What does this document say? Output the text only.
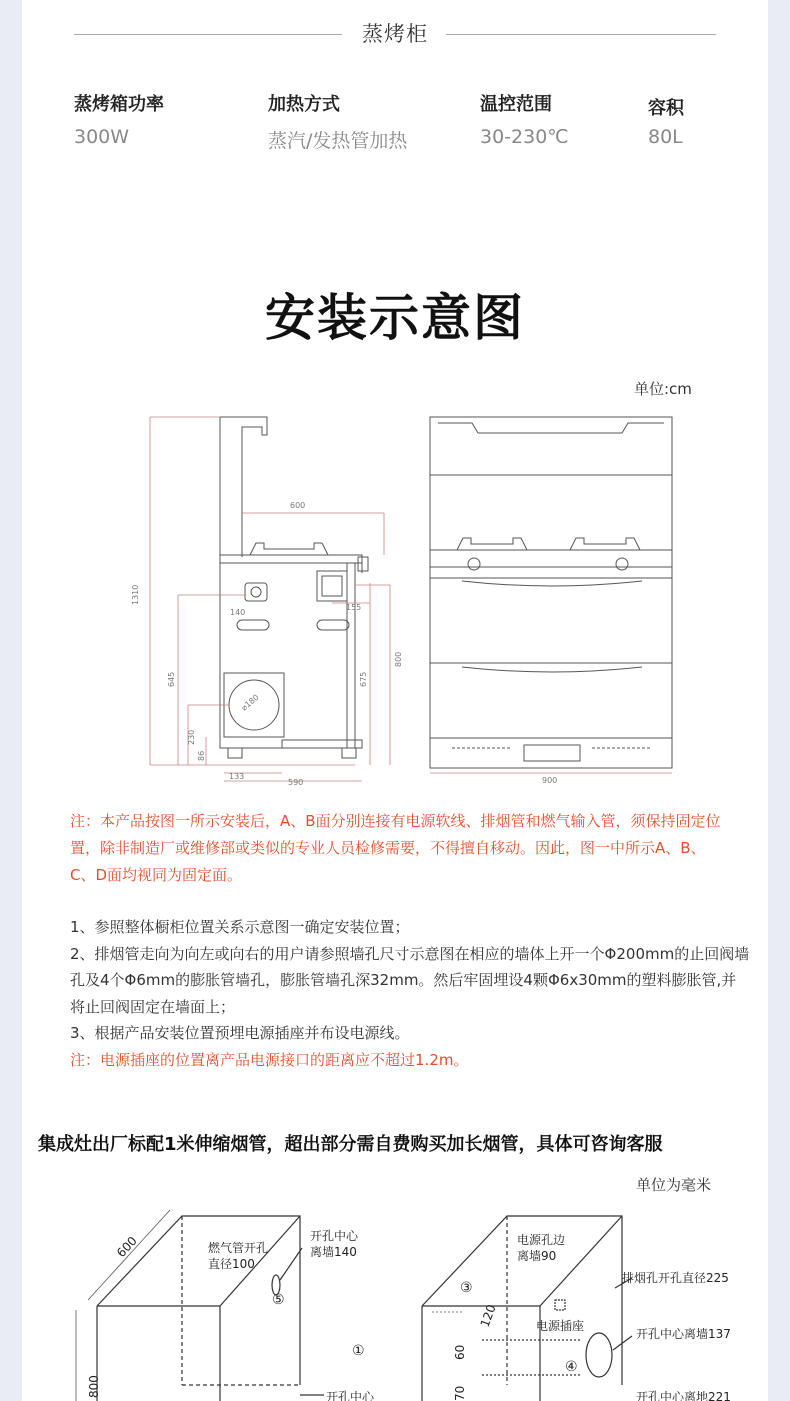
蒸烤柜
蒸烤箱功率
300W
加热方式
蒸汽/发热管加热
温控范围
30-230℃
容积
80L
安装示意图
单位:cm
1310
600
140
155
645	675
800
⌀180
230
86
133
590	900
注：本产品按图一所示安装后，A、B面分别连接有电源软线、排烟管和燃气输入管，须保持固定位置，除非制造厂或维修部或类似的专业人员检修需要，不得擅自移动。因此，图一中所示A、B、C、D面均视同为固定面。
1、参照整体橱柜位置关系示意图一确定安装位置；
2、排烟管走向为向左或向右的用户请参照墙孔尺寸示意图在相应的墙体上开一个Φ200mm的止回阀墙孔及4个Φ6mm的膨胀管墙孔，膨胀管墙孔深32mm。然后牢固埋设4颗Φ6x30mm的塑料膨胀管,并将止回阀固定在墙面上；
3、根据产品安装位置预埋电源插座并布设电源线。
注：电源插座的位置离产品电源接口的距离应不超过1.2m。
集成灶出厂标配1米伸缩烟管，超出部分需自费购买加长烟管，具体可咨询客服
单位为毫米
600	燃气管开孔
直径100
开孔中心
离墙140
⑤
①
800	开孔中心
电源孔边
离墙90
③
120
60
70
电源插座
④
排烟孔开孔直径225
开孔中心离墙137
开孔中心离地221
